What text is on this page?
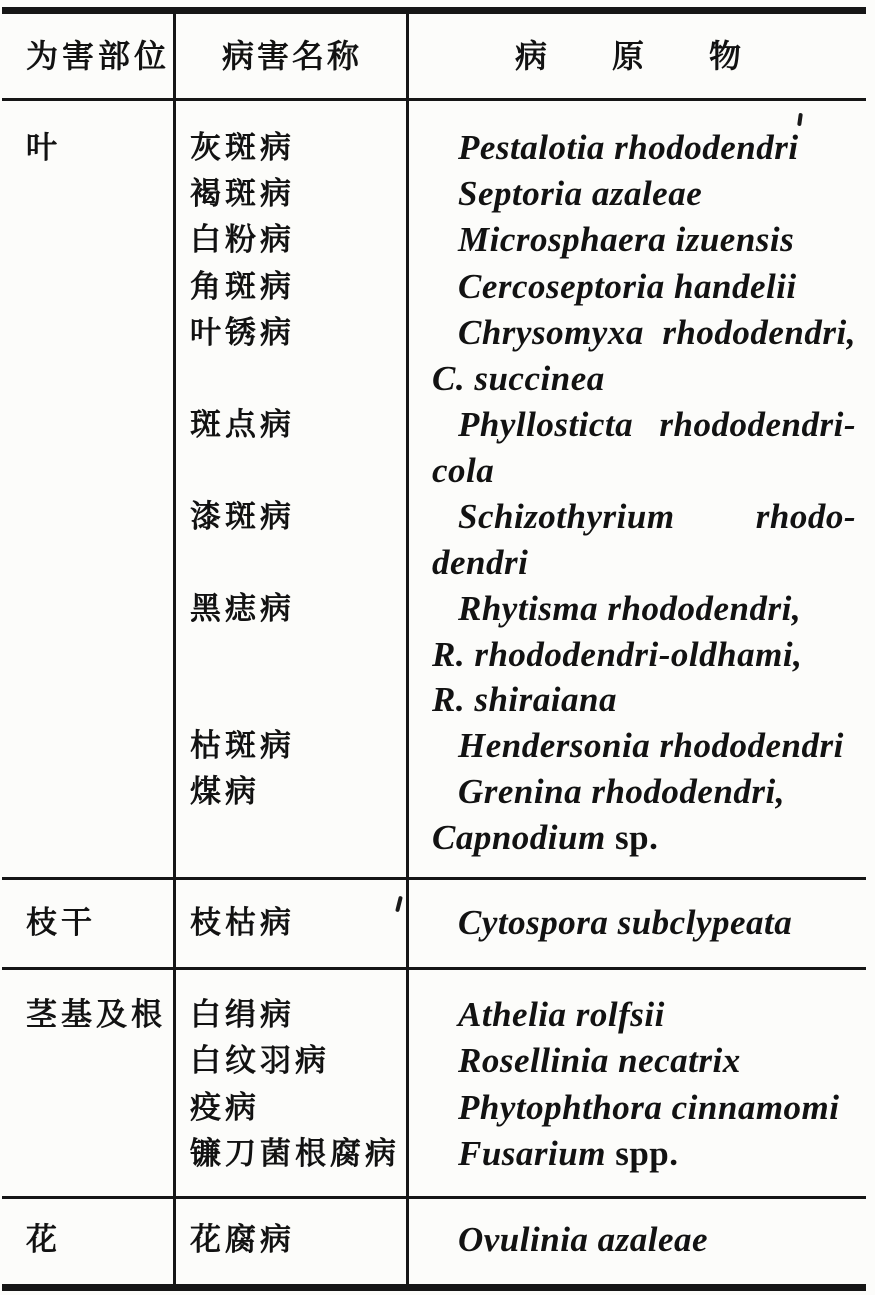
为害部位 病害名称	病原物
叶	灰斑病	Pestalotia rhododendri
褐斑病	Septoria azaleae
白粉病	Microsphaera izuensis
角斑病	Cercoseptoria handelii
叶锈病	Chrysomyxa rhododendri,
C. succinea
斑点病	Phyllosticta rhododendri-
cola
漆斑病	Schizothyrium rhodo-
dendri
黑痣病	Rhytisma rhododendri,
R. rhododendri-oldhami,
R. shiraiana
枯斑病	Hendersonia rhododendri
煤病	Grenina rhododendri,
Capnodium sp.
枝干	枝枯病	Cytospora subclypeata
茎基及根 白绢病	Athelia rolfsii
白纹羽病	Rosellinia necatrix
疫病	Phytophthora cinnamomi
镰刀菌根腐病	Fusarium spp.
花	花腐病	Ovulinia azaleae
